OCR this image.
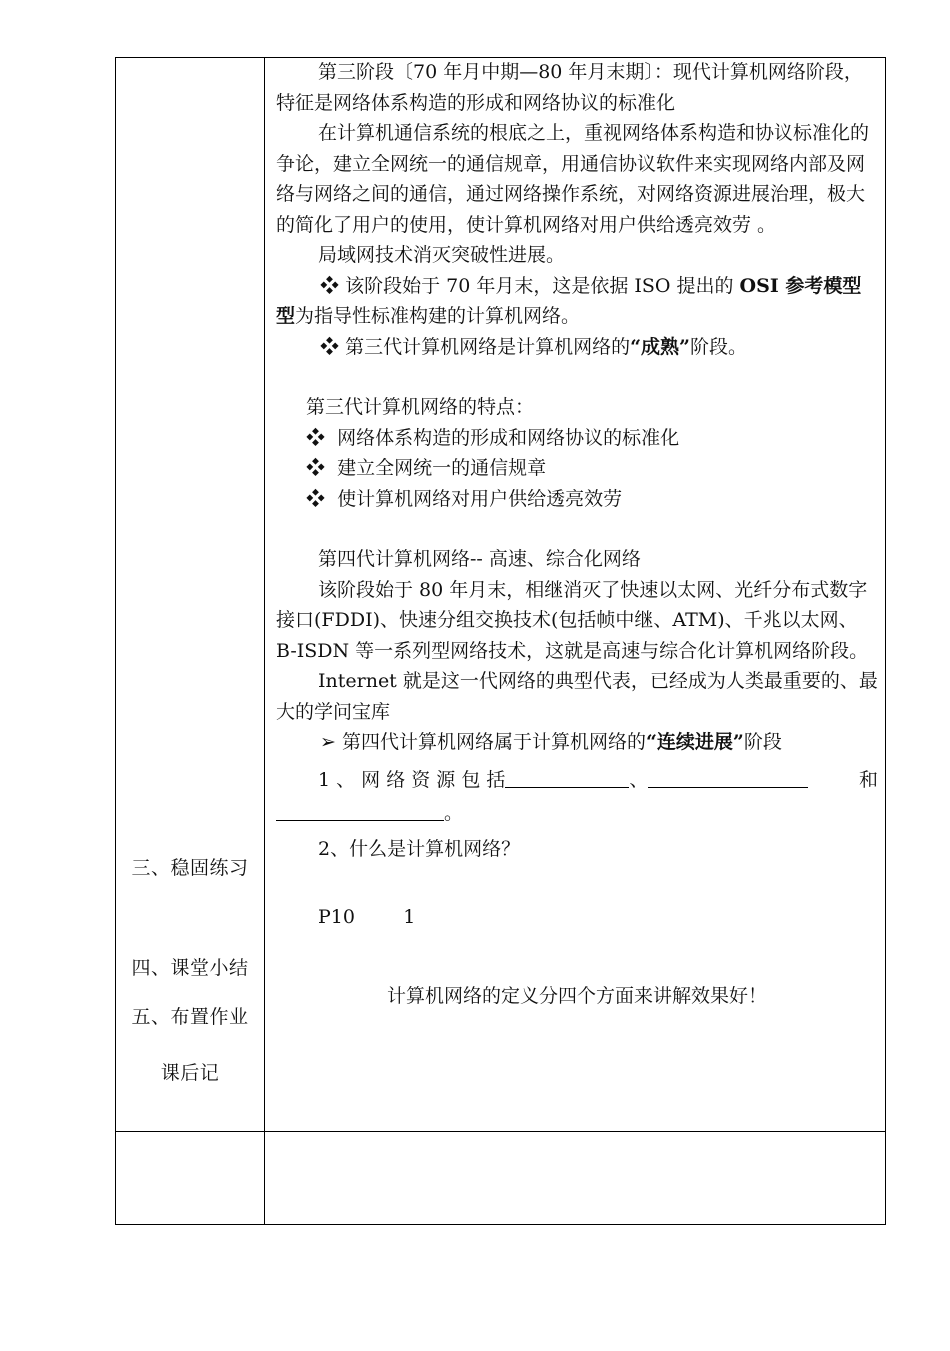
三、稳固练习
四、课堂小结
五、布置作业
课后记

第三阶段〔70 年月中期—80 年月末期〕：现代计算机网络阶段，特征是网络体系构造的形成和网络协议的标准化

在计算机通信系统的根底之上，重视网络体系构造和协议标准化的争论，建立全网统一的通信规章，用通信协议软件来实现网络内部及网络与网络之间的通信，通过网络操作系统，对网络资源进展治理，极大的简化了用户的使用，使计算机网络对用户供给透亮效劳 。

局域网技术消灭突破性进展。

❖ 该阶段始于 70 年月末，这是依据 ISO 提出的 OSI 参考模型

型为指导性标准构建的计算机网络。

❖ 第三代计算机网络是计算机网络的“成熟”阶段。

第三代计算机网络的特点：

❖ 网络体系构造的形成和网络协议的标准化

❖ 建立全网统一的通信规章

❖ 使计算机网络对用户供给透亮效劳

第四代计算机网络-- 高速、综合化网络

该阶段始于 80 年月末，相继消灭了快速以太网、光纤分布式数字接口(FDDI)、快速分组交换技术(包括帧中继、ATM)、千兆以太网、B-ISDN 等一系列型网络技术，这就是高速与综合化计算机网络阶段。

Internet 就是这一代网络的典型代表，已经成为人类最重要的、最大的学问宝库

➢ 第四代计算机网络属于计算机网络的“连续进展”阶段

1 、 网 络 资 源 包 括	、	和

。

2、什么是计算机网络？

P10        1

计算机网络的定义分四个方面来讲解效果好！
